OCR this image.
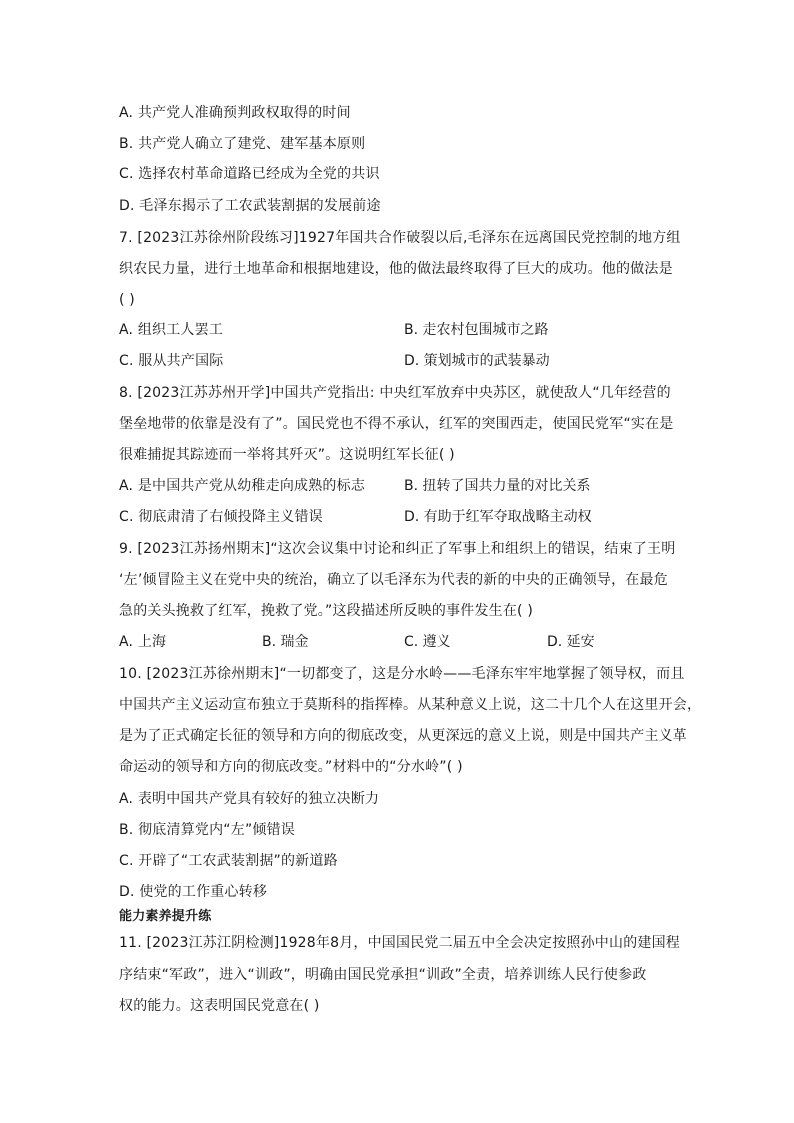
A. 共产党人准确预判政权取得的时间
B. 共产党人确立了建党、建军基本原则
C. 选择农村革命道路已经成为全党的共识
D. 毛泽东揭示了工农武装割据的发展前途
7. [2023江苏徐州阶段练习]1927年国共合作破裂以后,毛泽东在远离国民党控制的地方组
织农民力量，进行土地革命和根据地建设，他的做法最终取得了巨大的成功。他的做法是
( )
A. 组织工人罢工	B. 走农村包围城市之路
C. 服从共产国际	D. 策划城市的武装暴动
8. [2023江苏苏州开学]中国共产党指出: 中央红军放弃中央苏区，就使敌人“几年经营的
堡垒地带的依靠是没有了”。国民党也不得不承认，红军的突围西走，使国民党军“实在是
很难捕捉其踪迹而一举将其歼灭”。这说明红军长征( )
A. 是中国共产党从幼稚走向成熟的标志	B. 扭转了国共力量的对比关系
C. 彻底肃清了右倾投降主义错误	D. 有助于红军夺取战略主动权
9. [2023江苏扬州期末]“这次会议集中讨论和纠正了军事上和组织上的错误，结束了王明
‘左’倾冒险主义在党中央的统治，确立了以毛泽东为代表的新的中央的正确领导，在最危
急的关头挽救了红军，挽救了党。”这段描述所反映的事件发生在( )
A. 上海	B. 瑞金	C. 遵义	D. 延安
10. [2023江苏徐州期末]“一切都变了，这是分水岭——毛泽东牢牢地掌握了领导权，而且
中国共产主义运动宣布独立于莫斯科的指挥棒。从某种意义上说，这二十几个人在这里开会，
是为了正式确定长征的领导和方向的彻底改变，从更深远的意义上说，则是中国共产主义革
命运动的领导和方向的彻底改变。”材料中的“分水岭”( )
A. 表明中国共产党具有较好的独立决断力
B. 彻底清算党内“左”倾错误
C. 开辟了“工农武装割据”的新道路
D. 使党的工作重心转移
能力素养提升练
11. [2023江苏江阴检测]1928年8月，中国国民党二届五中全会决定按照孙中山的建国程
序结束“军政”，进入“训政”，明确由国民党承担“训政”全责，培养训练人民行使参政
权的能力。这表明国民党意在( )
